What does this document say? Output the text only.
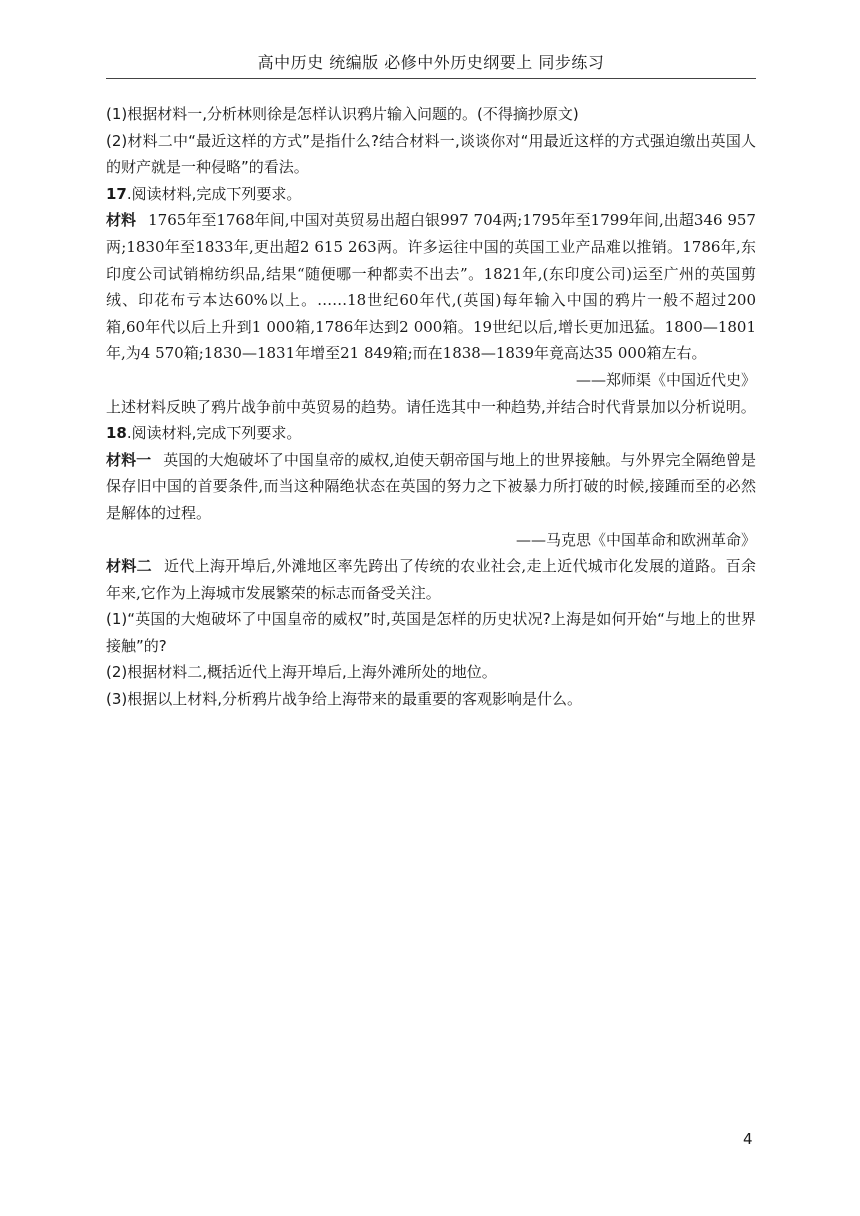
高中历史 统编版 必修中外历史纲要上 同步练习

(1)根据材料一,分析林则徐是怎样认识鸦片输入问题的。(不得摘抄原文)

(2)材料二中“最近这样的方式”是指什么?结合材料一,谈谈你对“用最近这样的方式强迫缴出英国人的财产就是一种侵略”的看法。

17.阅读材料,完成下列要求。

材料 1765年至1768年间,中国对英贸易出超白银997 704两;1795年至1799年间,出超346 957两;1830年至1833年,更出超2 615 263两。许多运往中国的英国工业产品难以推销。1786年,东印度公司试销棉纺织品,结果“随便哪一种都卖不出去”。1821年,(东印度公司)运至广州的英国剪绒、印花布亏本达60%以上。……18世纪60年代,(英国)每年输入中国的鸦片一般不超过200箱,60年代以后上升到1 000箱,1786年达到2 000箱。19世纪以后,增长更加迅猛。1800—1801年,为4 570箱;1830—1831年增至21 849箱;而在1838—1839年竟高达35 000箱左右。

——郑师渠《中国近代史》

上述材料反映了鸦片战争前中英贸易的趋势。请任选其中一种趋势,并结合时代背景加以分析说明。

18.阅读材料,完成下列要求。

材料一 英国的大炮破坏了中国皇帝的威权,迫使天朝帝国与地上的世界接触。与外界完全隔绝曾是保存旧中国的首要条件,而当这种隔绝状态在英国的努力之下被暴力所打破的时候,接踵而至的必然是解体的过程。

——马克思《中国革命和欧洲革命》

材料二 近代上海开埠后,外滩地区率先跨出了传统的农业社会,走上近代城市化发展的道路。百余年来,它作为上海城市发展繁荣的标志而备受关注。

(1)“英国的大炮破坏了中国皇帝的威权”时,英国是怎样的历史状况?上海是如何开始“与地上的世界接触”的?

(2)根据材料二,概括近代上海开埠后,上海外滩所处的地位。

(3)根据以上材料,分析鸦片战争给上海带来的最重要的客观影响是什么。

4
